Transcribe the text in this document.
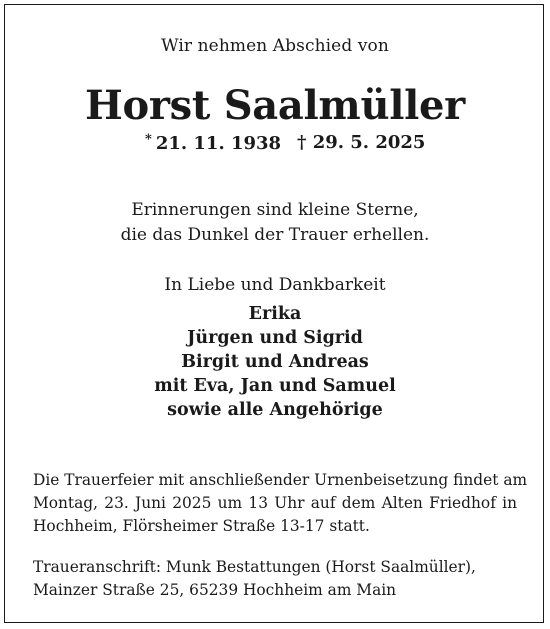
Wir nehmen Abschied von
Horst Saalmüller
* 21. 11. 1938 † 29. 5. 2025
Erinnerungen sind kleine Sterne,
die das Dunkel der Trauer erhellen.
In Liebe und Dankbarkeit
Erika
Jürgen und Sigrid
Birgit und Andreas
mit Eva, Jan und Samuel
sowie alle Angehörige
Die Trauerfeier mit anschließender Urnenbeisetzung findet am
Montag, 23. Juni 2025 um 13 Uhr auf dem Alten Friedhof in
Hochheim, Flörsheimer Straße 13-17 statt.
Traueranschrift: Munk Bestattungen (Horst Saalmüller),
Mainzer Straße 25, 65239 Hochheim am Main
